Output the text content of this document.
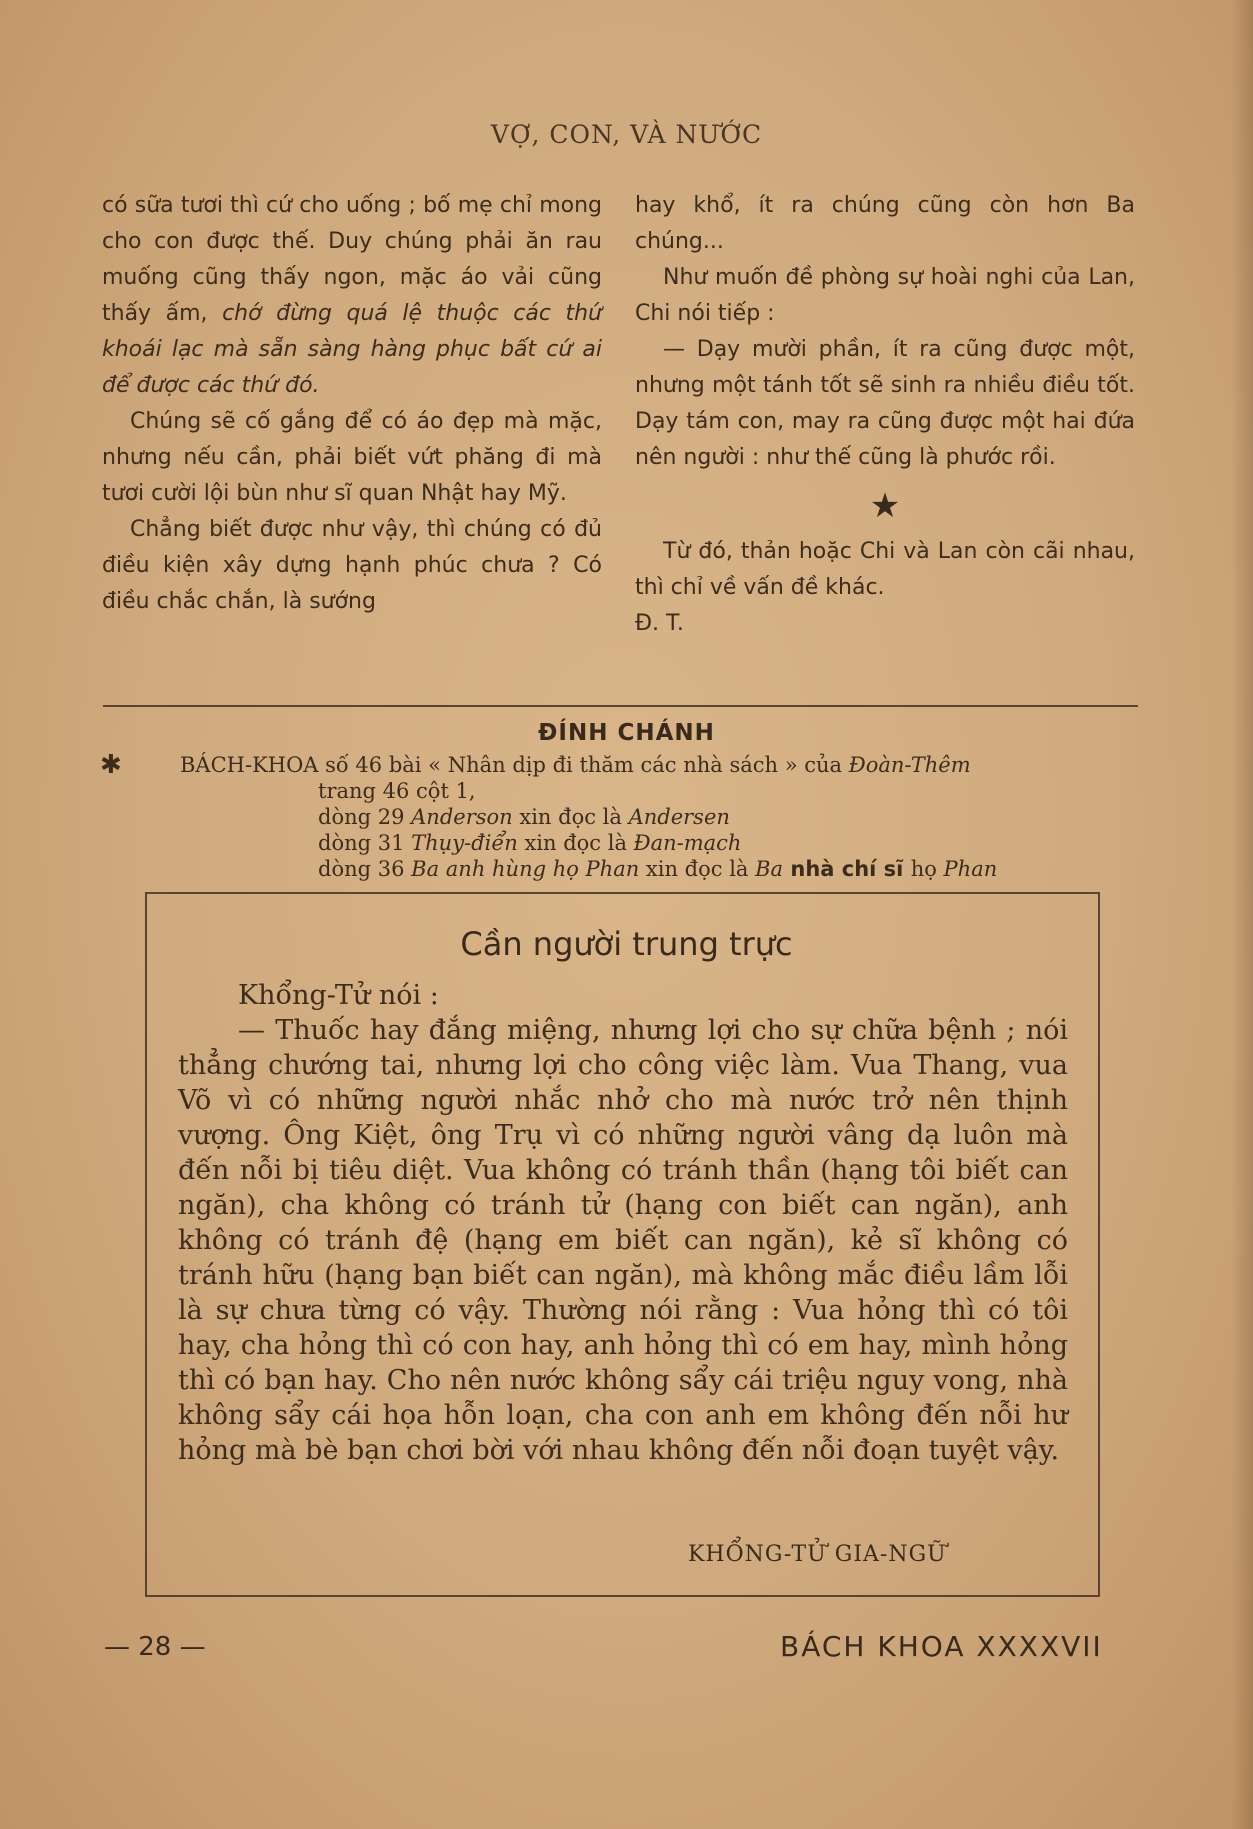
VỢ, CON, VÀ NƯỚC

có sữa tươi thì cứ cho uống ; bố mẹ chỉ mong cho con được thế. Duy chúng phải ăn rau muống cũng thấy ngon, mặc áo vải cũng thấy ấm, chớ đừng quá lệ thuộc các thứ khoái lạc mà sẵn sàng hàng phục bất cứ ai để được các thứ đó.

Chúng sẽ cố gắng để có áo đẹp mà mặc, nhưng nếu cần, phải biết vứt phăng đi mà tươi cười lội bùn như sĩ quan Nhật hay Mỹ.

Chẳng biết được như vậy, thì chúng có đủ điều kiện xây dựng hạnh phúc chưa ? Có điều chắc chắn, là sướng

hay khổ, ít ra chúng cũng còn hơn Ba chúng...

Như muốn đề phòng sự hoài nghi của Lan, Chi nói tiếp :

— Dạy mười phần, ít ra cũng được một, nhưng một tánh tốt sẽ sinh ra nhiều điều tốt. Dạy tám con, may ra cũng được một hai đứa nên người : như thế cũng là phước rồi.

★

Từ đó, thản hoặc Chi và Lan còn cãi nhau, thì chỉ về vấn đề khác.

Đ. T.

ĐÍNH CHÁNH
✱	BÁCH-KHOA số 46 bài « Nhân dịp đi thăm các nhà sách » của Đoàn-Thêm
trang 46 cột 1,
dòng 29 Anderson xin đọc là Andersen
dòng 31 Thụy-điển xin đọc là Đan-mạch
dòng 36 Ba anh hùng họ Phan xin đọc là Ba nhà chí sĩ họ Phan
Cần người trung trực

Khổng-Tử nói :

— Thuốc hay đắng miệng, nhưng lợi cho sự chữa bệnh ; nói thẳng chướng tai, nhưng lợi cho công việc làm. Vua Thang, vua Võ vì có những người nhắc nhở cho mà nước trở nên thịnh vượng. Ông Kiệt, ông Trụ vì có những người vâng dạ luôn mà đến nỗi bị tiêu diệt. Vua không có tránh thần (hạng tôi biết can ngăn), cha không có tránh tử (hạng con biết can ngăn), anh không có tránh đệ (hạng em biết can ngăn), kẻ sĩ không có tránh hữu (hạng bạn biết can ngăn), mà không mắc điều lầm lỗi là sự chưa từng có vậy. Thường nói rằng : Vua hỏng thì có tôi hay, cha hỏng thì có con hay, anh hỏng thì có em hay, mình hỏng thì có bạn hay. Cho nên nước không sẩy cái triệu nguy vong, nhà không sẩy cái họa hỗn loạn, cha con anh em không đến nỗi hư hỏng mà bè bạn chơi bời với nhau không đến nỗi đoạn tuyệt vậy.

KHỔNG-TỬ GIA-NGỮ
— 28 —	BÁCH KHOA XXXXVII
